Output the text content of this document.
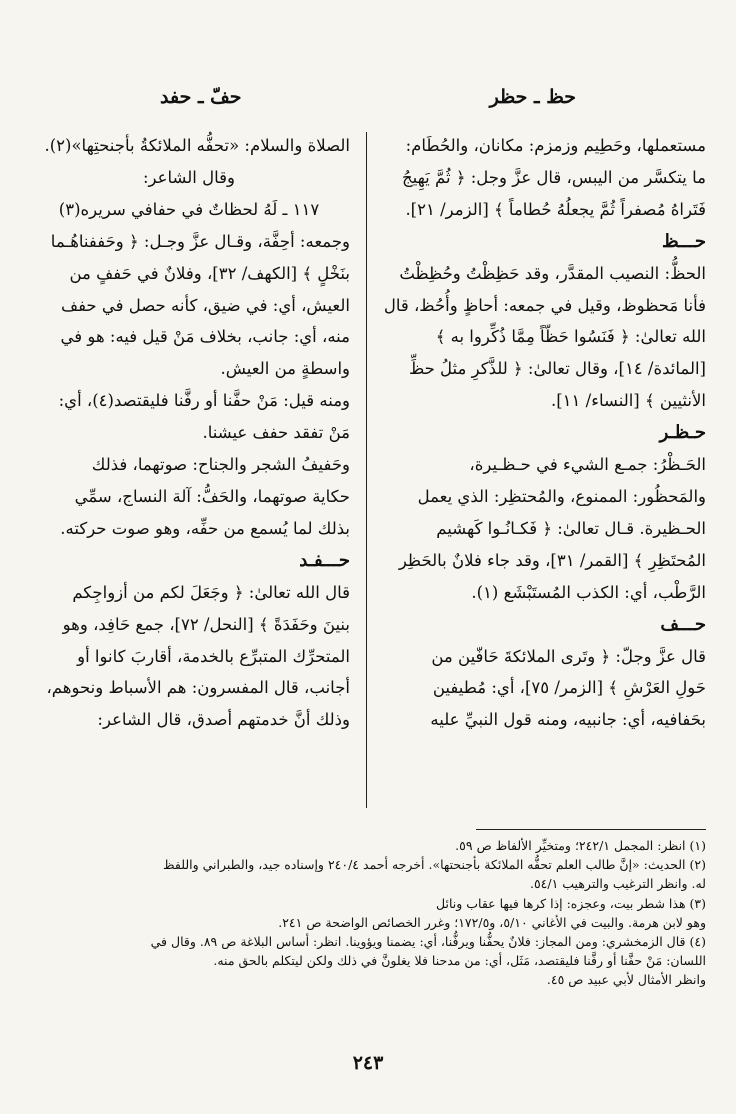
حظ ـ حظر
حفّ ـ حفد

مستعملها، وحَطِيم وزمزم: مكانان، والحُطَام:

ما يتكسَّر من اليبس، قال عزَّ وجل: ﴿ ثُمَّ يَهِيجُ

فَتَراهُ مُصفراً ثُمَّ يجعلُهُ حُطاماً ﴾ [الزمر/ ٢١].

حـــظ

الحظُّ: النصيب المقدَّر، وقد حَظِظْتُ وحُظِظْتُ

فأنا مَحظوظ، وقيل في جمعه: أحاظٍ وأُحُظ، قال

الله تعالىٰ: ﴿ فَنَسُوا حَظّاً مِمَّا ذُكِّروا به ﴾

[المائدة/ ١٤]، وقال تعالىٰ: ﴿ للذَّكرِ مثلُ حظِّ

الأنثيين ﴾ [النساء/ ١١].

حـظـر

الحَـظْرُ: جمـع الشيء في حـظـيرة،

والمَحظُور: الممنوع، والمُحتظِر: الذي يعمل

الحـظيرة. قـال تعالىٰ: ﴿ فَكـانُـوا كَهشيم

المُحتَظِرِ ﴾ [القمر/ ٣١]، وقد جاء فلانٌ بالحَظِر

الرَّطْب، أي: الكذب المُستَبْشَع (١).

حـــف

قال عزَّ وجلّ: ﴿ وتَرى الملائكةَ حَافّين من

حَولِ العَرْشِ ﴾ [الزمر/ ٧٥]، أي: مُطيفين

بحَفافيه، أي: جانبيه، ومنه قول النبيِّ عليه

الصلاة والسلام: «تحفُّه الملائكةُ بأجنحتِها»(٢).

وقال الشاعر:

١١٧ ـ لَهُ لحظاتٌ في حفافي سريره(٣)

وجمعه: أحِفَّة، وقـال عزَّ وجـل: ﴿ وحَففناهُـما

بنَخْلٍ ﴾ [الكهف/ ٣٢]، وفلانٌ في حَففٍ من

العيش، أي: في ضيق، كأنه حصل في حفف

منه، أي: جانب، بخلاف مَنْ قيل فيه: هو في

واسطةٍ من العيش.

ومنه قيل: مَنْ حفَّنا أو رفَّنا فليقتصد(٤)، أي:

مَنْ تفقد حفف عيشنا.

وحَفيفُ الشجر والجناح: صوتهما، فذلك

حكاية صوتهما، والحَفُّ: آلة النساج، سمِّي

بذلك لما يُسمع من حفِّه، وهو صوت حركته.

حـــفـد

قال الله تعالىٰ: ﴿ وجَعَلَ لكم من أزواجِكم

بنينَ وحَفَدَةً ﴾ [النحل/ ٧٢]، جمع حَافِد، وهو

المتحرِّك المتبرِّع بالخدمة، أقاربَ كانوا أو

أجانب، قال المفسرون: هم الأسباط ونحوهم،

وذلك أنَّ خدمتهم أصدق، قال الشاعر:

(١) انظر: المجمل ٢٤٢/١؛ ومتخيِّر الألفاظ ص ٥٩.

(٢) الحديث: «إنَّ طالب العلم تحفُّه الملائكة بأجنحتها». أخرجه أحمد ٢٤٠/٤ وإسناده جيد، والطبراني واللفظ

له. وانظر الترغيب والترهيب ٥٤/١.

(٣) هذا شطر بيت، وعجزه: إذا كرها فيها عقاب ونائل

وهو لابن هرمة. والبيت في الأغاني ٥/١٠، و١٧٢/٥؛ وغرر الخصائص الواضحة ص ٢٤١.

(٤) قال الزمخشري: ومن المجاز: فلانٌ يحفُّنا ويرفُّنا، أي: يضمنا ويؤوينا. انظر: أساس البلاغة ص ٨٩. وقال في

اللسان: مَنْ حفَّنا أو رفَّنا فليقتصد، مَثَل، أي: من مدحنا فلا يغلونَّ في ذلك ولكن ليتكلم بالحق منه.

وانظر الأمثال لأبي عبيد ص ٤٥.

٢٤٣
